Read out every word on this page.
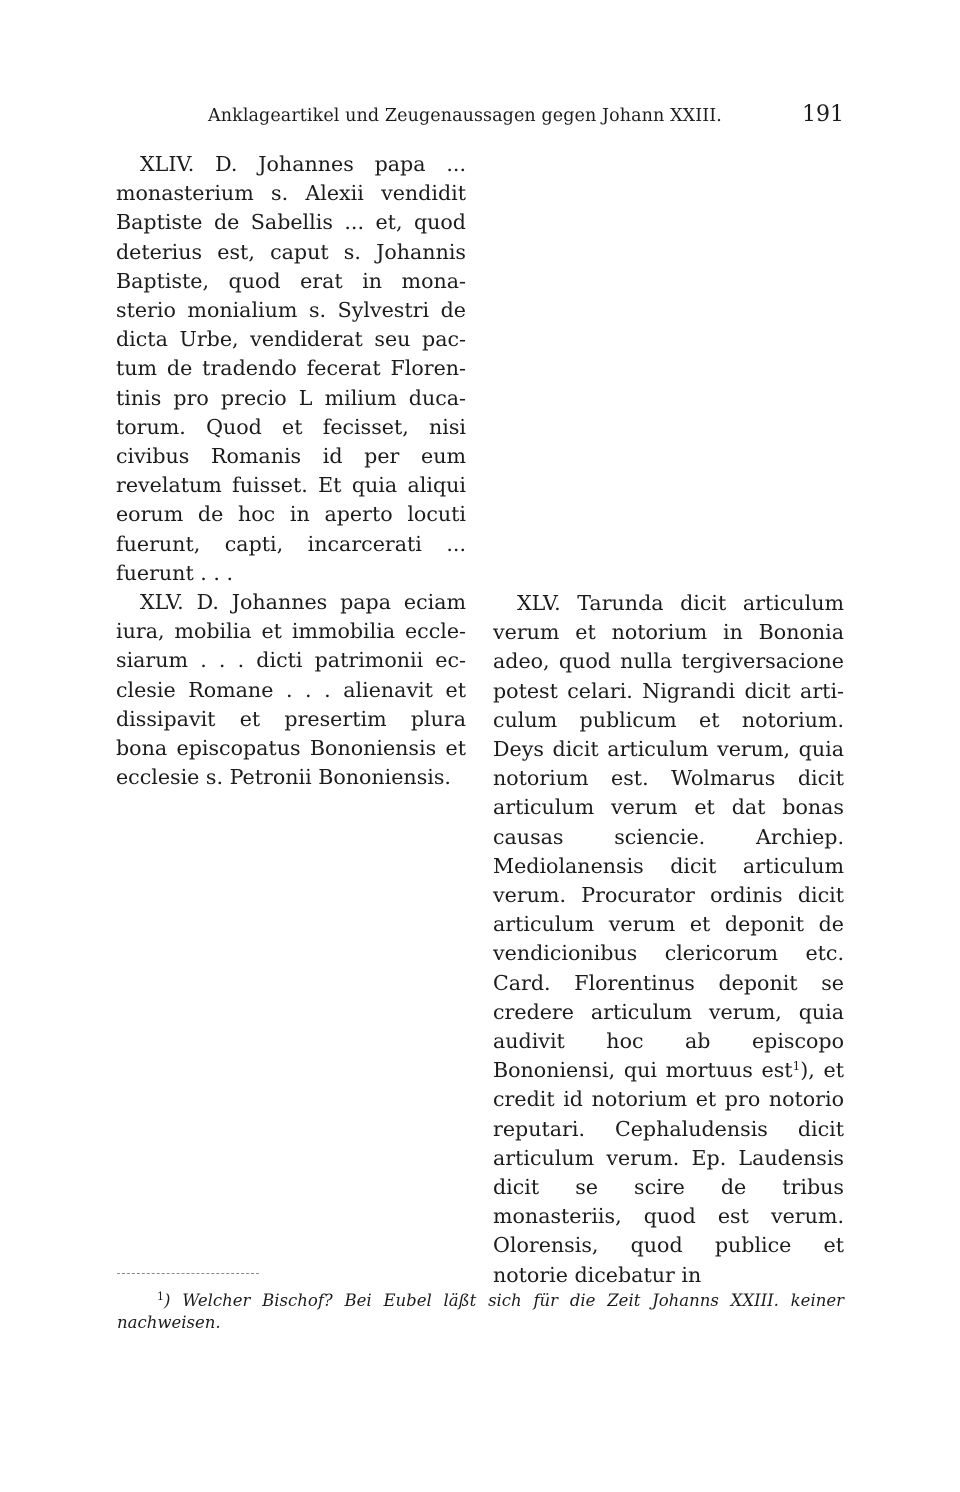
Anklageartikel und Zeugenaussagen gegen Johann XXIII.	191

XLIV. D. Johannes papa ... monasterium s. Alexii vendidit Baptiste de Sabellis ... et, quod deterius est, caput s. Johannis Baptiste, quod erat in monasterio monialium s. Sylvestri de dicta Urbe, vendiderat seu pactum de tradendo fecerat Florentinis pro precio L milium ducatorum. Quod et fecisset, nisi civibus Romanis id per eum revelatum fuisset. Et quia aliqui eorum de hoc in aperto locuti fuerunt, capti, incarcerati ... fuerunt . . .

XLV. D. Johannes papa eciam iura, mobilia et immobilia ecclesiarum . . . dicti patrimonii ecclesie Romane . . . alienavit et dissipavit et presertim plura bona episcopatus Bononiensis et ecclesie s. Petronii Bononiensis.

XLV. Tarunda dicit articulum verum et notorium in Bononia adeo, quod nulla tergiversacione potest celari. Nigrandi dicit articulum publicum et notorium. Deys dicit articulum verum, quia notorium est. Wolmarus dicit articulum verum et dat bonas causas sciencie. Archiep. Mediolanensis dicit articulum verum. Procurator ordinis dicit articulum verum et deponit de vendicionibus clericorum etc. Card. Florentinus deponit se credere articulum verum, quia audivit hoc ab episcopo Bononiensi, qui mortuus est$^1$), et credit id notorium et pro notorio reputari. Cephaludensis dicit articulum verum. Ep. Laudensis dicit se scire de tribus monasteriis, quod est verum. Olorensis, quod publice et notorie dicebatur in

$^1$) Welcher Bischof? Bei Eubel läßt sich für die Zeit Johanns XXIII. keiner nachweisen.
